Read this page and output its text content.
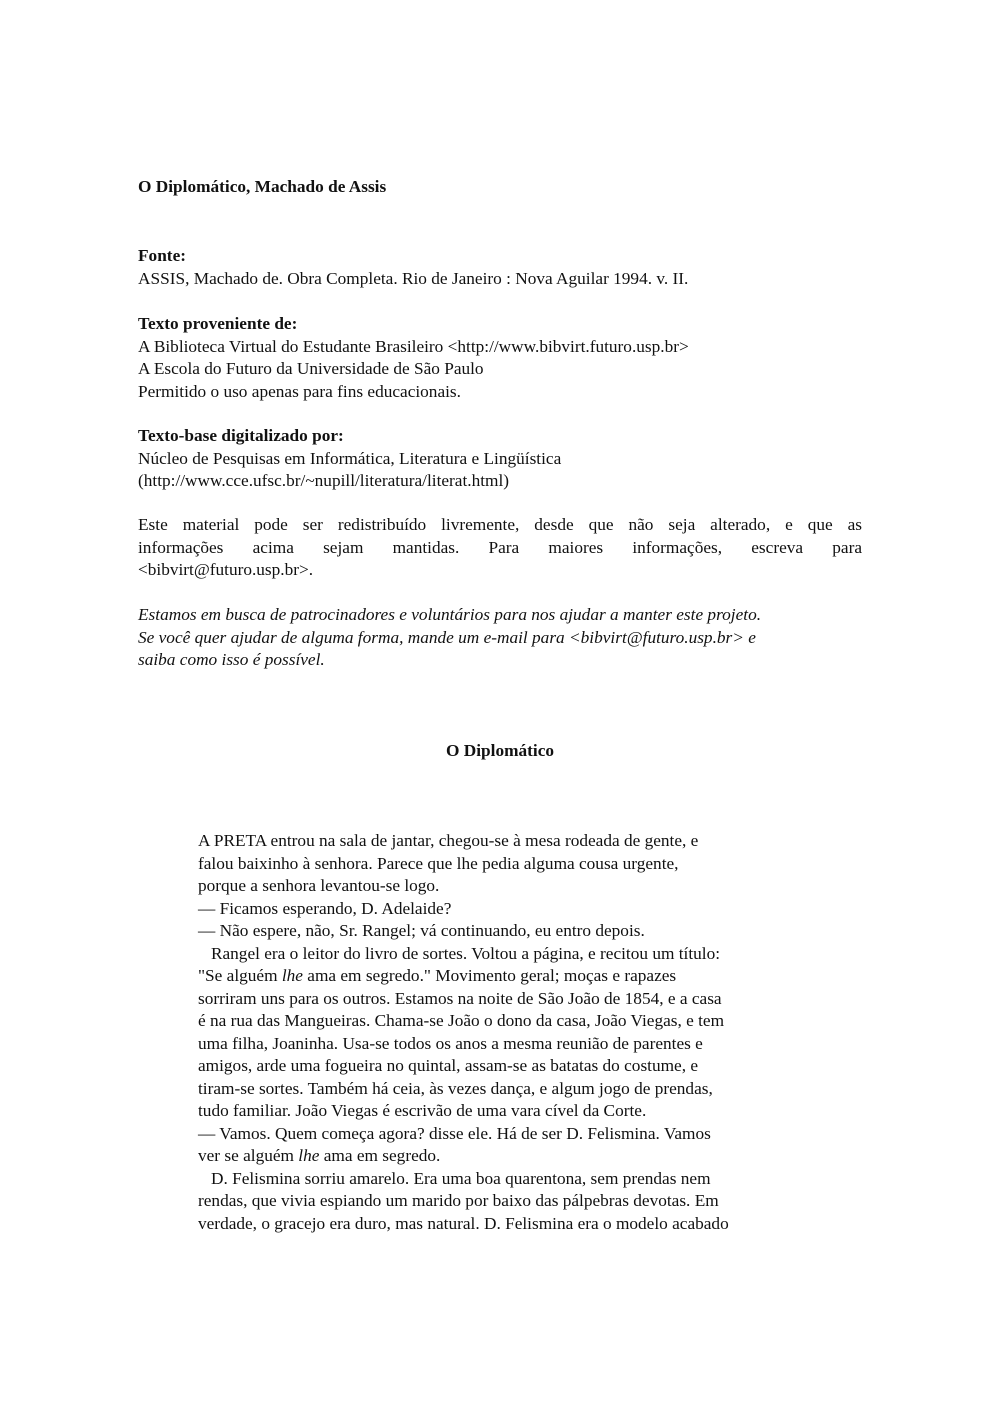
O Diplomático, Machado de Assis
Fonte:
ASSIS, Machado de. Obra Completa. Rio de Janeiro : Nova Aguilar 1994. v. II.
Texto proveniente de:
A Biblioteca Virtual do Estudante Brasileiro <http://www.bibvirt.futuro.usp.br>
A Escola do Futuro da Universidade de São Paulo
Permitido o uso apenas para fins educacionais.
Texto-base digitalizado por:
Núcleo de Pesquisas em Informática, Literatura e Lingüística
(http://www.cce.ufsc.br/~nupill/literatura/literat.html)
Este material pode ser redistribuído livremente, desde que não seja alterado, e que as
informações acima sejam mantidas. Para maiores informações, escreva para
<bibvirt@futuro.usp.br>.
Estamos em busca de patrocinadores e voluntários para nos ajudar a manter este projeto.
Se você quer ajudar de alguma forma, mande um e-mail para <bibvirt@futuro.usp.br> e
saiba como isso é possível.
O Diplomático
A PRETA entrou na sala de jantar, chegou-se à mesa rodeada de gente, e
falou baixinho à senhora. Parece que lhe pedia alguma cousa urgente,
porque a senhora levantou-se logo.
— Ficamos esperando, D. Adelaide?
— Não espere, não, Sr. Rangel; vá continuando, eu entro depois.
Rangel era o leitor do livro de sortes. Voltou a página, e recitou um título:
"Se alguém lhe ama em segredo." Movimento geral; moças e rapazes
sorriram uns para os outros. Estamos na noite de São João de 1854, e a casa
é na rua das Mangueiras. Chama-se João o dono da casa, João Viegas, e tem
uma filha, Joaninha. Usa-se todos os anos a mesma reunião de parentes e
amigos, arde uma fogueira no quintal, assam-se as batatas do costume, e
tiram-se sortes. Também há ceia, às vezes dança, e algum jogo de prendas,
tudo familiar. João Viegas é escrivão de uma vara cível da Corte.
— Vamos. Quem começa agora? disse ele. Há de ser D. Felismina. Vamos
ver se alguém lhe ama em segredo.
D. Felismina sorriu amarelo. Era uma boa quarentona, sem prendas nem
rendas, que vivia espiando um marido por baixo das pálpebras devotas. Em
verdade, o gracejo era duro, mas natural. D. Felismina era o modelo acabado
